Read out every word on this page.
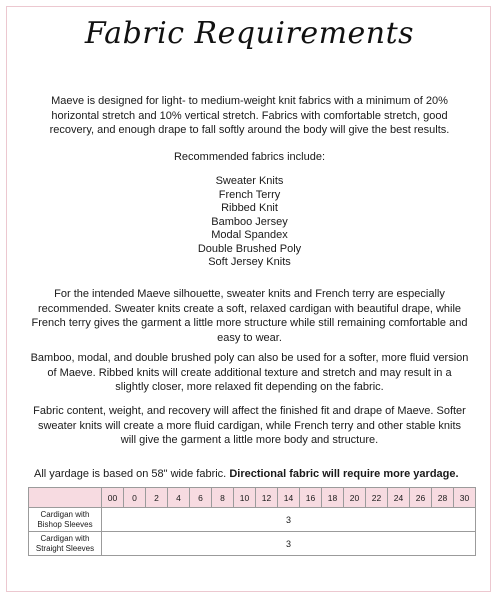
Fabric Requirements

Maeve is designed for light- to medium-weight knit fabrics with a minimum of 20% horizontal stretch and 10% vertical stretch. Fabrics with comfortable stretch, good recovery, and enough drape to fall softly around the body will give the best results.

Recommended fabrics include:

Sweater Knits
French Terry
Ribbed Knit
Bamboo Jersey
Modal Spandex
Double Brushed Poly
Soft Jersey Knits

For the intended Maeve silhouette, sweater knits and French terry are especially recommended. Sweater knits create a soft, relaxed cardigan with beautiful drape, while French terry gives the garment a little more structure while still remaining comfortable and easy to wear.

Bamboo, modal, and double brushed poly can also be used for a softer, more fluid version of Maeve. Ribbed knits will create additional texture and stretch and may result in a slightly closer, more relaxed fit depending on the fabric.

Fabric content, weight, and recovery will affect the finished fit and drape of Maeve. Softer sweater knits will create a more fluid cardigan, while French terry and other stable knits will give the garment a little more body and structure.

All yardage is based on 58" wide fabric. Directional fabric will require more yardage.
	00	0	2	4	6	8	10	12	14	16	18	20	22	24	26	28	30
Cardigan with Bishop Sleeves	3																
Cardigan with Straight Sleeves	3																
